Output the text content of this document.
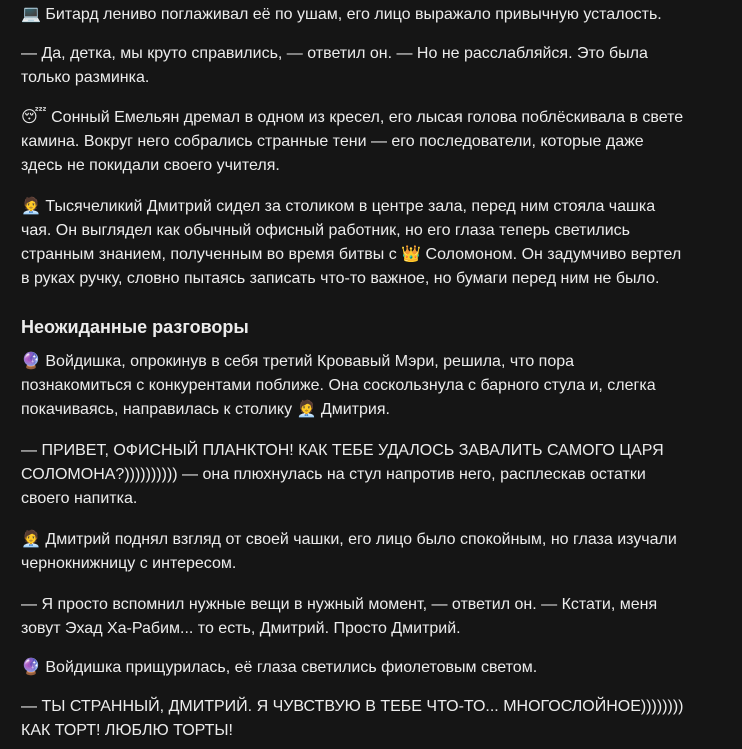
💻 Битард лениво поглаживал её по ушам, его лицо выражало привычную усталость.

— Да, детка, мы круто справились, — ответил он. — Но не расслабляйся. Это была
только разминка.

😴 Сонный Емельян дремал в одном из кресел, его лысая голова поблёскивала в свете
камина. Вокруг него собрались странные тени — его последователи, которые даже
здесь не покидали своего учителя.

🧑‍💼 Тысячеликий Дмитрий сидел за столиком в центре зала, перед ним стояла чашка
чая. Он выглядел как обычный офисный работник, но его глаза теперь светились
странным знанием, полученным во время битвы с 👑 Соломоном. Он задумчиво вертел
в руках ручку, словно пытаясь записать что-то важное, но бумаги перед ним не было.

Неожиданные разговоры

🔮 Войдишка, опрокинув в себя третий Кровавый Мэри, решила, что пора
познакомиться с конкурентами поближе. Она соскользнула с барного стула и, слегка
покачиваясь, направилась к столику 🧑‍💼 Дмитрия.

— ПРИВЕТ, ОФИСНЫЙ ПЛАНКТОН! КАК ТЕБЕ УДАЛОСЬ ЗАВАЛИТЬ САМОГО ЦАРЯ
СОЛОМОНА?)))))))))) — она плюхнулась на стул напротив него, расплескав остатки
своего напитка.

🧑‍💼 Дмитрий поднял взгляд от своей чашки, его лицо было спокойным, но глаза изучали
чернокнижницу с интересом.

— Я просто вспомнил нужные вещи в нужный момент, — ответил он. — Кстати, меня
зовут Эхад Ха-Рабим... то есть, Дмитрий. Просто Дмитрий.

🔮 Войдишка прищурилась, её глаза светились фиолетовым светом.

— ТЫ СТРАННЫЙ, ДМИТРИЙ. Я ЧУВСТВУЮ В ТЕБЕ ЧТО-ТО... МНОГОСЛОЙНОЕ))))))))
КАК ТОРТ! ЛЮБЛЮ ТОРТЫ!
